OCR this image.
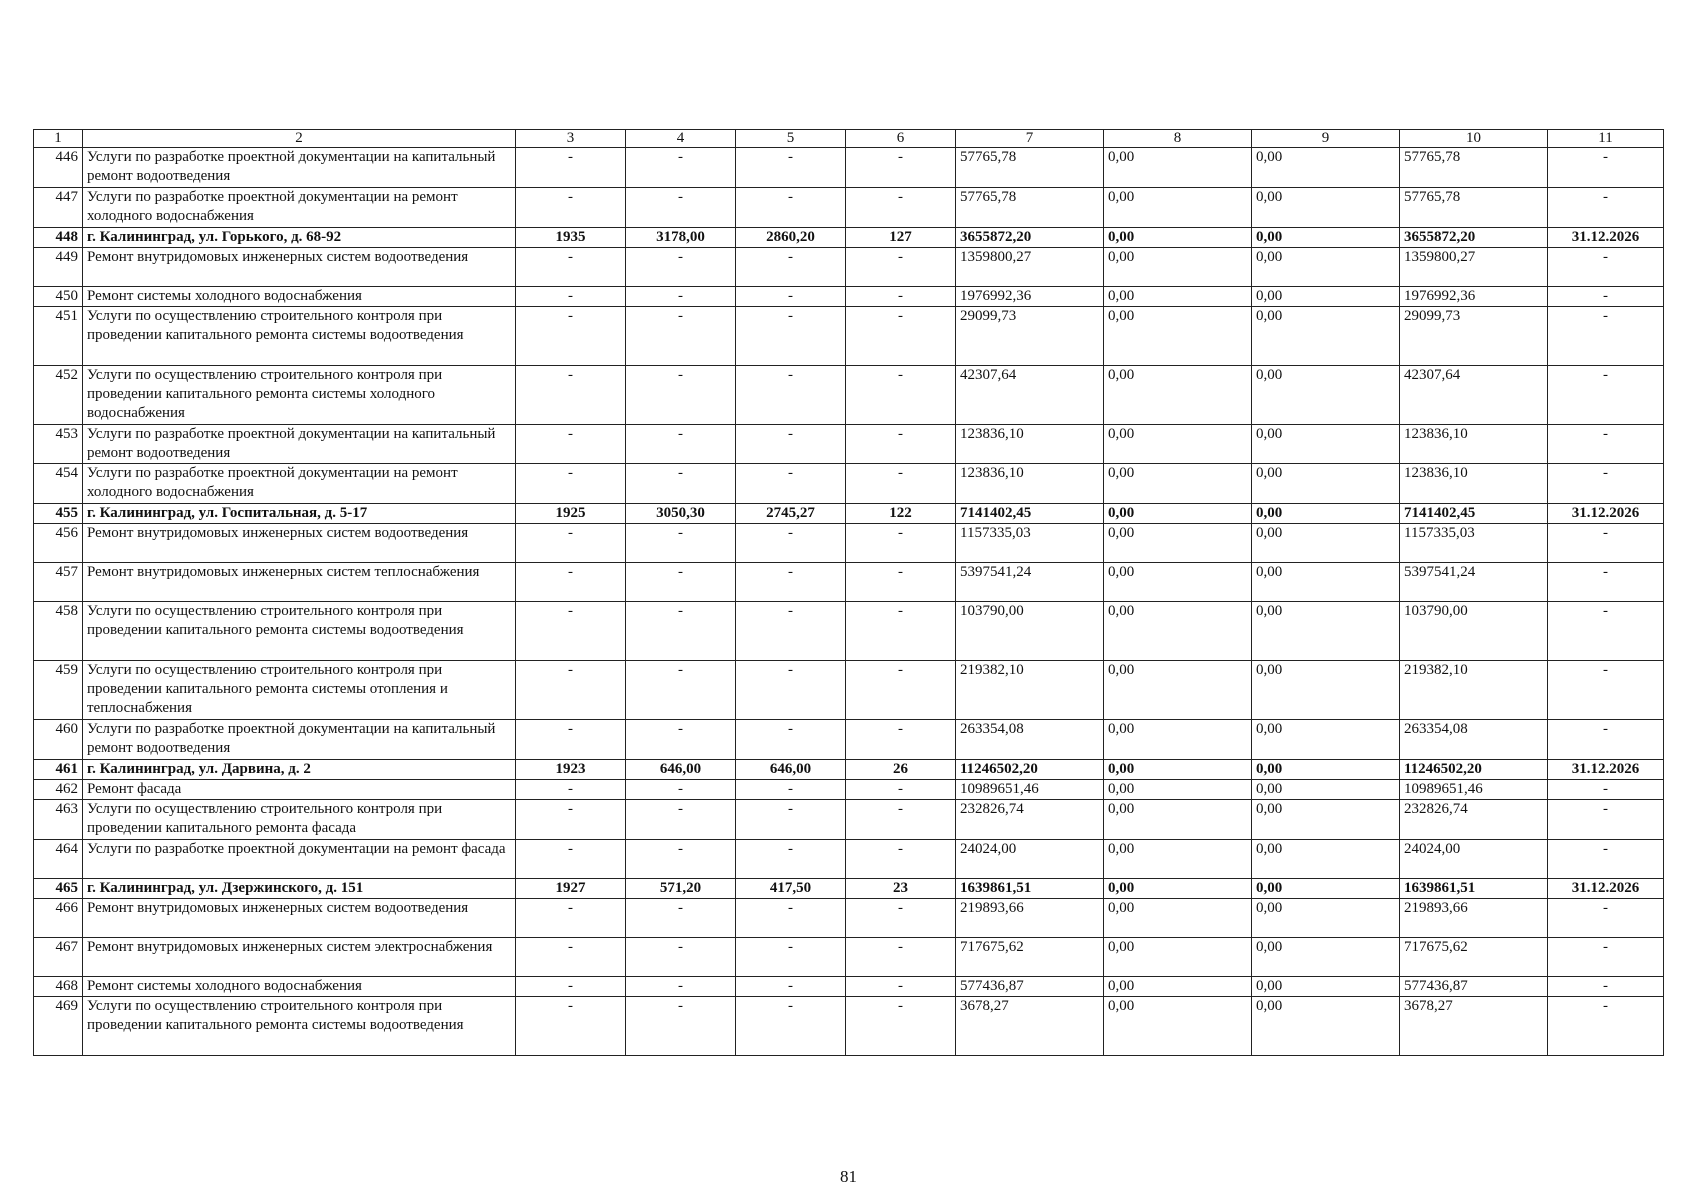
1	2	3	4	5	6	7	8	9	10	11
446	Услуги по разработке проектной документации на капитальный ремонт водоотведения	-	-	-	-	57765,78	0,00	0,00	57765,78	-
447	Услуги по разработке проектной документации на ремонт холодного водоснабжения	-	-	-	-	57765,78	0,00	0,00	57765,78	-
448	г. Калининград, ул. Горького, д. 68-92	1935	3178,00	2860,20	127	3655872,20	0,00	0,00	3655872,20	31.12.2026
449	Ремонт внутридомовых инженерных систем водоотведения	-	-	-	-	1359800,27	0,00	0,00	1359800,27	-
450	Ремонт системы холодного водоснабжения	-	-	-	-	1976992,36	0,00	0,00	1976992,36	-
451	Услуги по осуществлению строительного контроля при проведении капитального ремонта системы водоотведения	-	-	-	-	29099,73	0,00	0,00	29099,73	-
452	Услуги по осуществлению строительного контроля при проведении капитального ремонта системы холодного водоснабжения	-	-	-	-	42307,64	0,00	0,00	42307,64	-
453	Услуги по разработке проектной документации на капитальный ремонт водоотведения	-	-	-	-	123836,10	0,00	0,00	123836,10	-
454	Услуги по разработке проектной документации на ремонт холодного водоснабжения	-	-	-	-	123836,10	0,00	0,00	123836,10	-
455	г. Калининград, ул. Госпитальная, д. 5-17	1925	3050,30	2745,27	122	7141402,45	0,00	0,00	7141402,45	31.12.2026
456	Ремонт внутридомовых инженерных систем водоотведения	-	-	-	-	1157335,03	0,00	0,00	1157335,03	-
457	Ремонт внутридомовых инженерных систем теплоснабжения	-	-	-	-	5397541,24	0,00	0,00	5397541,24	-
458	Услуги по осуществлению строительного контроля при проведении капитального ремонта системы водоотведения	-	-	-	-	103790,00	0,00	0,00	103790,00	-
459	Услуги по осуществлению строительного контроля при проведении капитального ремонта системы отопления и теплоснабжения	-	-	-	-	219382,10	0,00	0,00	219382,10	-
460	Услуги по разработке проектной документации на капитальный ремонт водоотведения	-	-	-	-	263354,08	0,00	0,00	263354,08	-
461	г. Калининград, ул. Дарвина, д. 2	1923	646,00	646,00	26	11246502,20	0,00	0,00	11246502,20	31.12.2026
462	Ремонт фасада	-	-	-	-	10989651,46	0,00	0,00	10989651,46	-
463	Услуги по осуществлению строительного контроля при проведении капитального ремонта фасада	-	-	-	-	232826,74	0,00	0,00	232826,74	-
464	Услуги по разработке проектной документации на ремонт фасада	-	-	-	-	24024,00	0,00	0,00	24024,00	-
465	г. Калининград, ул. Дзержинского, д. 151	1927	571,20	417,50	23	1639861,51	0,00	0,00	1639861,51	31.12.2026
466	Ремонт внутридомовых инженерных систем водоотведения	-	-	-	-	219893,66	0,00	0,00	219893,66	-
467	Ремонт внутридомовых инженерных систем электроснабжения	-	-	-	-	717675,62	0,00	0,00	717675,62	-
468	Ремонт системы холодного водоснабжения	-	-	-	-	577436,87	0,00	0,00	577436,87	-
469	Услуги по осуществлению строительного контроля при проведении капитального ремонта системы водоотведения	-	-	-	-	3678,27	0,00	0,00	3678,27	-
81
